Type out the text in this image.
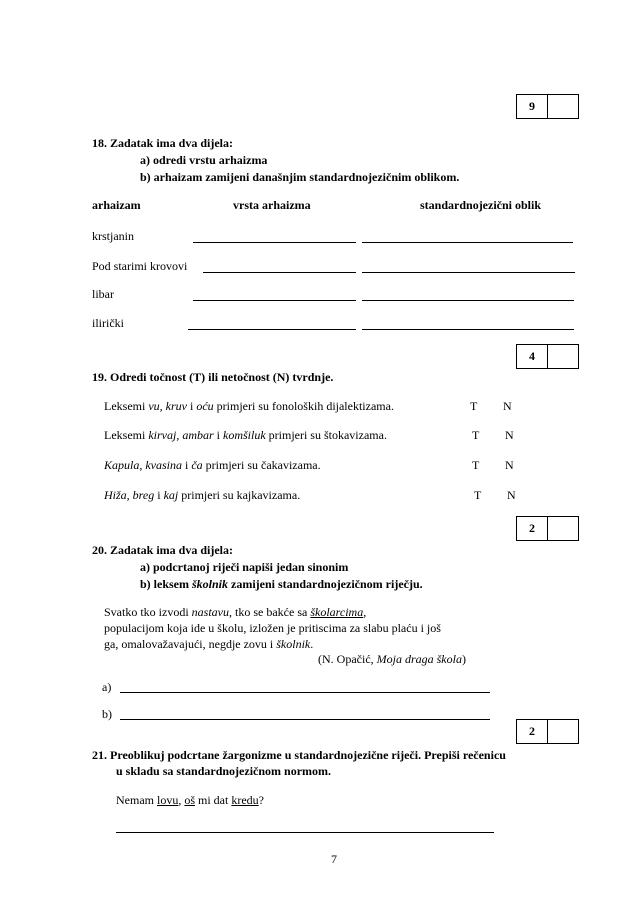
9
18. Zadatak ima dva dijela:
a) odredi vrstu arhaizma
b) arhaizam zamijeni današnjim standardnojezičnim oblikom.
arhaizam	vrsta arhaizma	standardnojezični oblik
krstjanin
Pod starimi krovovi
libar
ilirički
4
19. Odredi točnost (T) ili netočnost (N) tvrdnje.
Leksemi vu, kruv i oću primjeri su fonoloških dijalektizama.	T N
Leksemi kirvaj, ambar i komšiluk primjeri su štokavizama.	T N
Kapula, kvasina i ča primjeri su čakavizama.	T N
Hiža, breg i kaj primjeri su kajkavizama.	T N
2
20. Zadatak ima dva dijela:
a) podcrtanoj riječi napiši jedan sinonim
b) leksem školnik zamijeni standardnojezičnom riječju.
Svatko tko izvodi nastavu, tko se bakće sa školarcima,
populacijom koja ide u školu, izložen je pritiscima za slabu plaću i još
ga, omalovažavajući, negdje zovu i školnik.
(N. Opačić, Moja draga škola)
a)
b)
2
21. Preoblikuj podcrtane žargonizme u standardnojezične riječi. Prepiši rečenicu
u skladu sa standardnojezičnom normom.
Nemam lovu, oš mi dat kredu?
7
